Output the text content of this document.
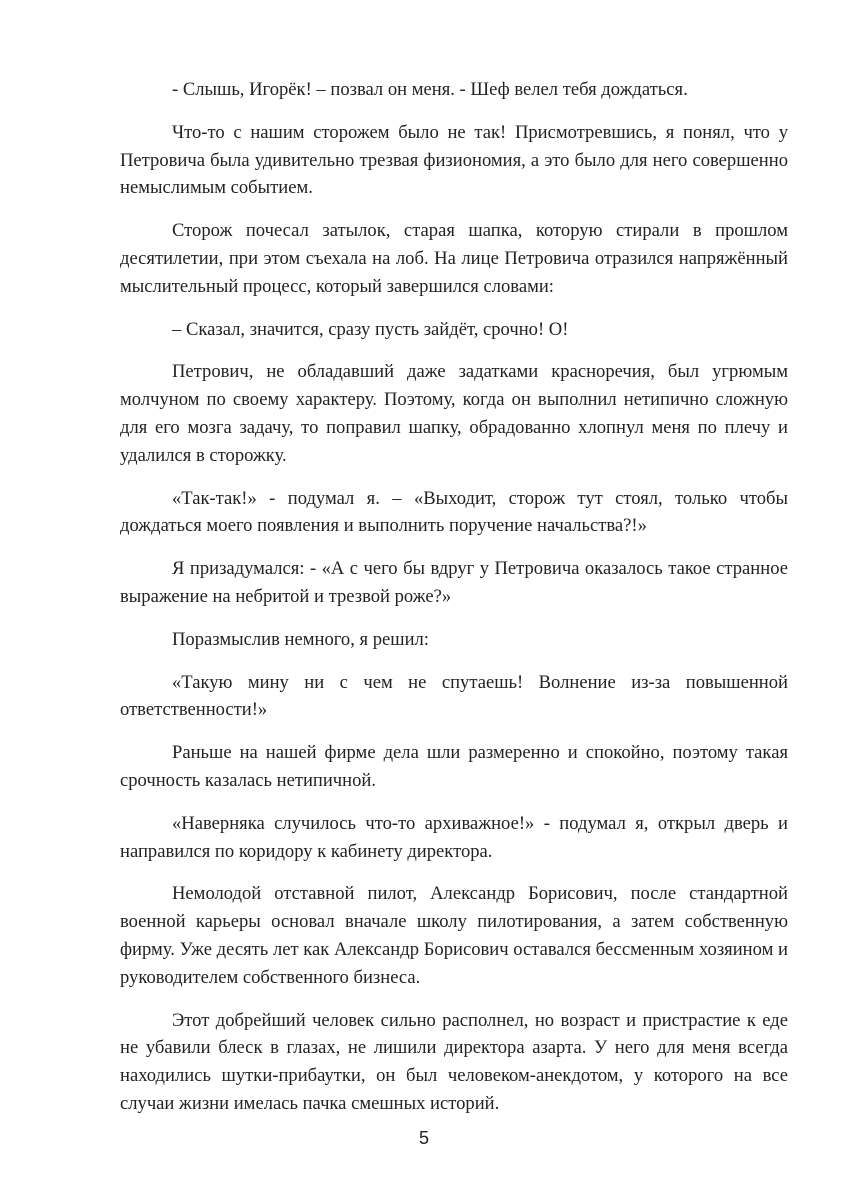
- Слышь, Игорёк! – позвал он меня. - Шеф велел тебя дождаться.

Что-то с нашим сторожем было не так! Присмотревшись, я понял, что у Петровича была удивительно трезвая физиономия, а это было для него совершенно немыслимым событием.

Сторож почесал затылок, старая шапка, которую стирали в прошлом десятилетии, при этом съехала на лоб. На лице Петровича отразился напряжённый мыслительный процесс, который завершился словами:

– Сказал, значится, сразу пусть зайдёт, срочно! О!

Петрович, не обладавший даже задатками красноречия, был угрюмым молчуном по своему характеру. Поэтому, когда он выполнил нетипично сложную для его мозга задачу, то поправил шапку, обрадованно хлопнул меня по плечу и удалился в сторожку.

«Так-так!» - подумал я. – «Выходит, сторож тут стоял, только чтобы дождаться моего появления и выполнить поручение начальства?!»

Я призадумался: - «А с чего бы вдруг у Петровича оказалось такое странное выражение на небритой и трезвой роже?»

Поразмыслив немного, я решил:

«Такую мину ни с чем не спутаешь! Волнение из-за повышенной ответственности!»

Раньше на нашей фирме дела шли размеренно и спокойно, поэтому такая срочность казалась нетипичной.

«Наверняка случилось что-то архиважное!» - подумал я, открыл дверь и направился по коридору к кабинету директора.

Немолодой отставной пилот, Александр Борисович, после стандартной военной карьеры основал вначале школу пилотирования, а затем собственную фирму. Уже десять лет как Александр Борисович оставался бессменным хозяином и руководителем собственного бизнеса.

Этот добрейший человек сильно располнел, но возраст и пристрастие к еде не убавили блеск в глазах, не лишили директора азарта. У него для меня всегда находились шутки-прибаутки, он был человеком-анекдотом, у которого на все случаи жизни имелась пачка смешных историй.

5
